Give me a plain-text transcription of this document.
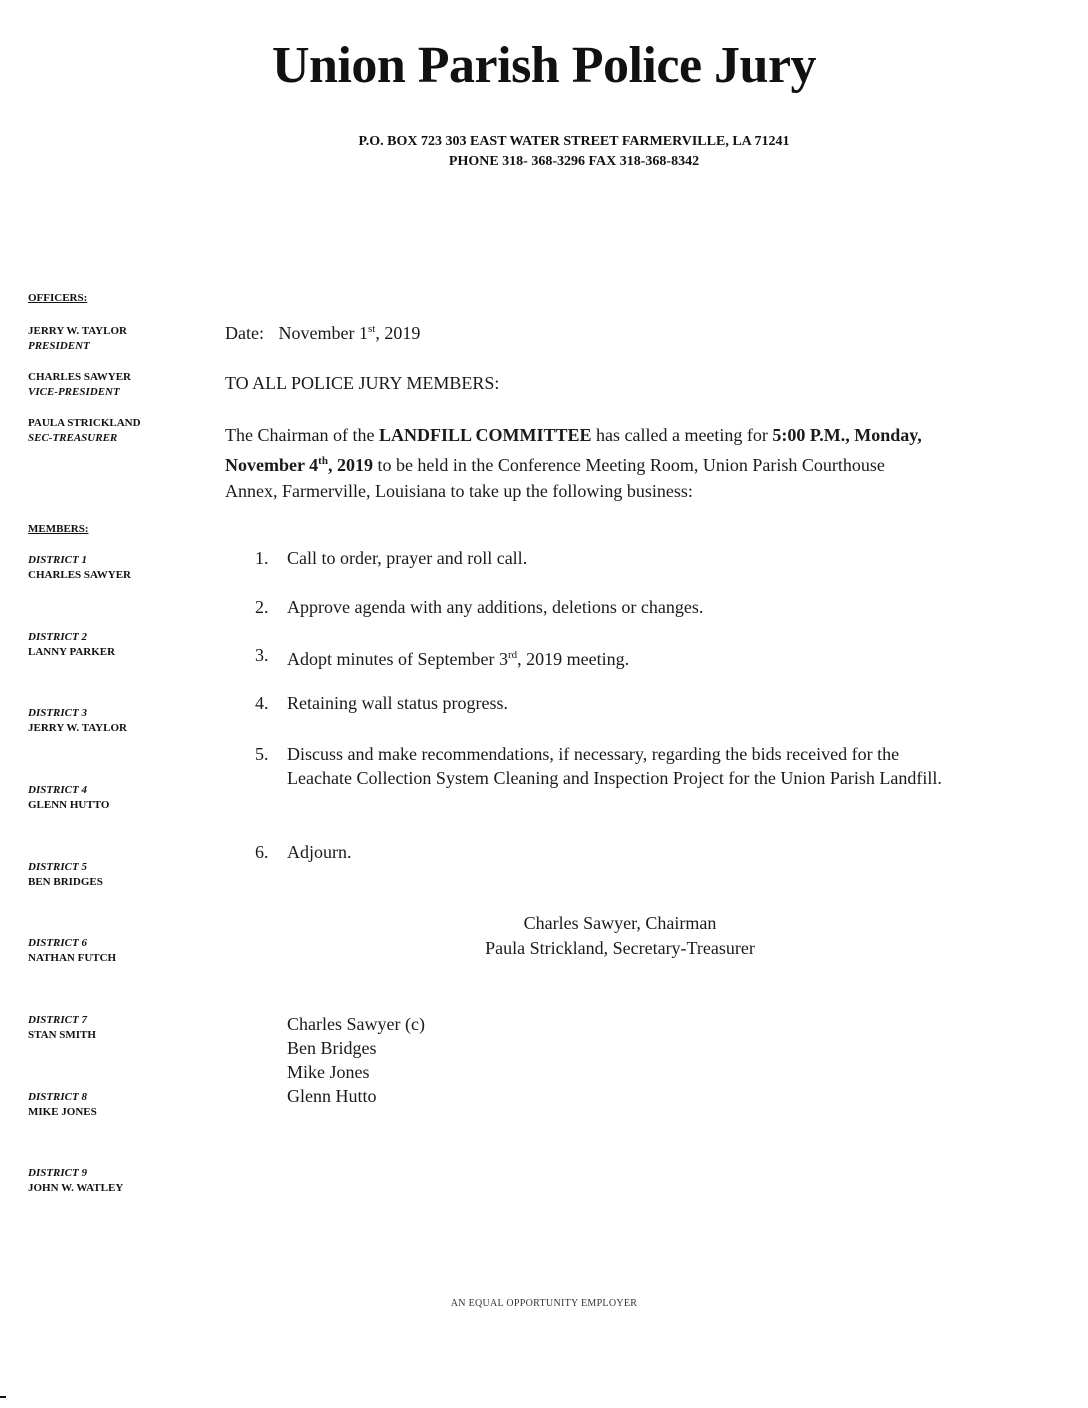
Union Parish Police Jury
P.O. BOX 723 303 EAST WATER STREET FARMERVILLE, LA 71241
PHONE 318- 368-3296 FAX 318-368-8342
OFFICERS:
JERRY W. TAYLOR
PRESIDENT
CHARLES SAWYER
VICE-PRESIDENT
PAULA STRICKLAND
SEC-TREASURER
MEMBERS:
DISTRICT 1
CHARLES SAWYER
DISTRICT 2
LANNY PARKER
DISTRICT 3
JERRY W. TAYLOR
DISTRICT 4
GLENN HUTTO
DISTRICT 5
BEN BRIDGES
DISTRICT 6
NATHAN FUTCH
DISTRICT 7
STAN SMITH
DISTRICT 8
MIKE JONES
DISTRICT 9
JOHN W. WATLEY
Date: November 1st, 2019
TO ALL POLICE JURY MEMBERS:
The Chairman of the LANDFILL COMMITTEE has called a meeting for 5:00 P.M., Monday, November 4th, 2019 to be held in the Conference Meeting Room, Union Parish Courthouse Annex, Farmerville, Louisiana to take up the following business:
1.	Call to order, prayer and roll call.
2.	Approve agenda with any additions, deletions or changes.
3.	Adopt minutes of September 3rd, 2019 meeting.
4.	Retaining wall status progress.
5.	Discuss and make recommendations, if necessary, regarding the bids received for the Leachate Collection System Cleaning and Inspection Project for the Union Parish Landfill.
6.	Adjourn.
Charles Sawyer, Chairman
Paula Strickland, Secretary-Treasurer
Charles Sawyer (c)
Ben Bridges
Mike Jones
Glenn Hutto
AN EQUAL OPPORTUNITY EMPLOYER
